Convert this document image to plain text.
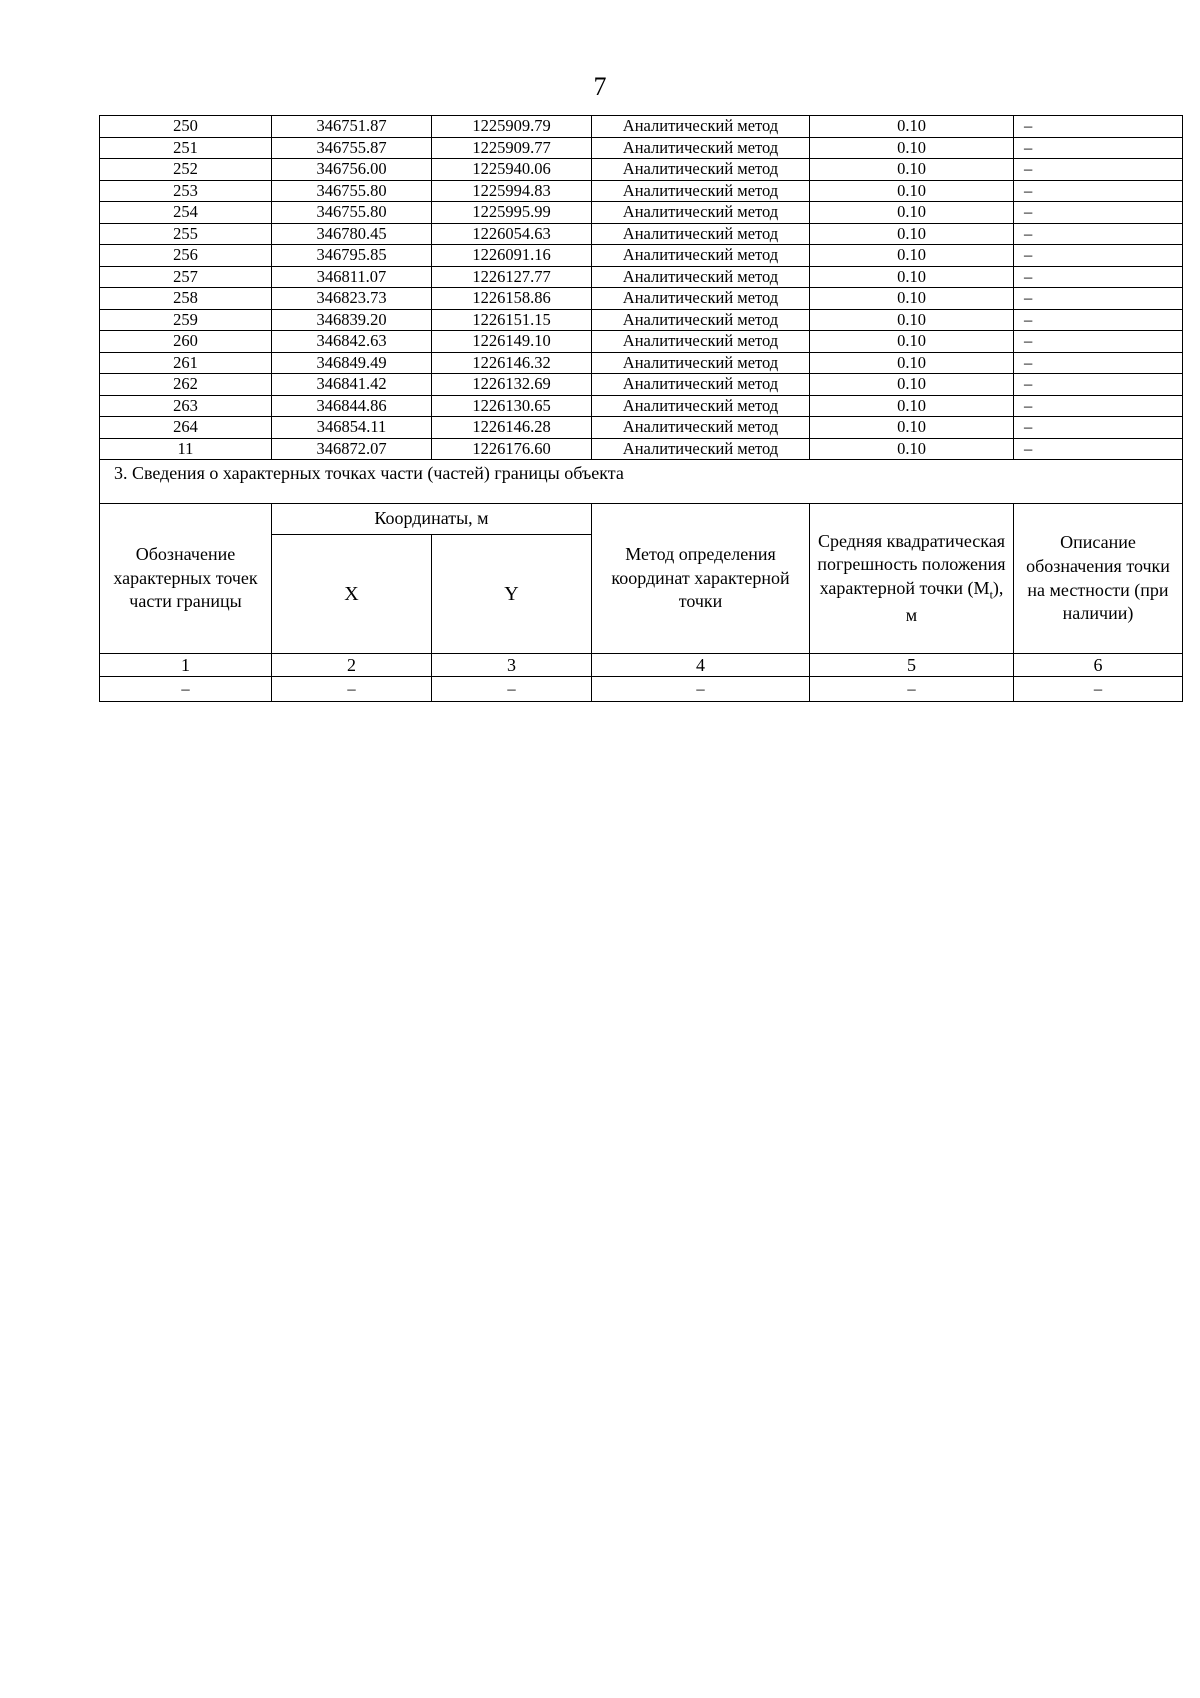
7
250	346751.87	1225909.79	Аналитический метод	0.10	–
251	346755.87	1225909.77	Аналитический метод	0.10	–
252	346756.00	1225940.06	Аналитический метод	0.10	–
253	346755.80	1225994.83	Аналитический метод	0.10	–
254	346755.80	1225995.99	Аналитический метод	0.10	–
255	346780.45	1226054.63	Аналитический метод	0.10	–
256	346795.85	1226091.16	Аналитический метод	0.10	–
257	346811.07	1226127.77	Аналитический метод	0.10	–
258	346823.73	1226158.86	Аналитический метод	0.10	–
259	346839.20	1226151.15	Аналитический метод	0.10	–
260	346842.63	1226149.10	Аналитический метод	0.10	–
261	346849.49	1226146.32	Аналитический метод	0.10	–
262	346841.42	1226132.69	Аналитический метод	0.10	–
263	346844.86	1226130.65	Аналитический метод	0.10	–
264	346854.11	1226146.28	Аналитический метод	0.10	–
11	346872.07	1226176.60	Аналитический метод	0.10	–
3. Сведения о характерных точках части (частей) границы объекта					
Обозначение характерных точек части границы	Координаты, м		Метод определения координат характерной точки	Средняя квадратическая погрешность положения характерной точки $(M_t)$, м	Описание обозначения точки на местности (при наличии)
	X	Y			
1	2	3	4	5	6
–	–	–	–	–	–
